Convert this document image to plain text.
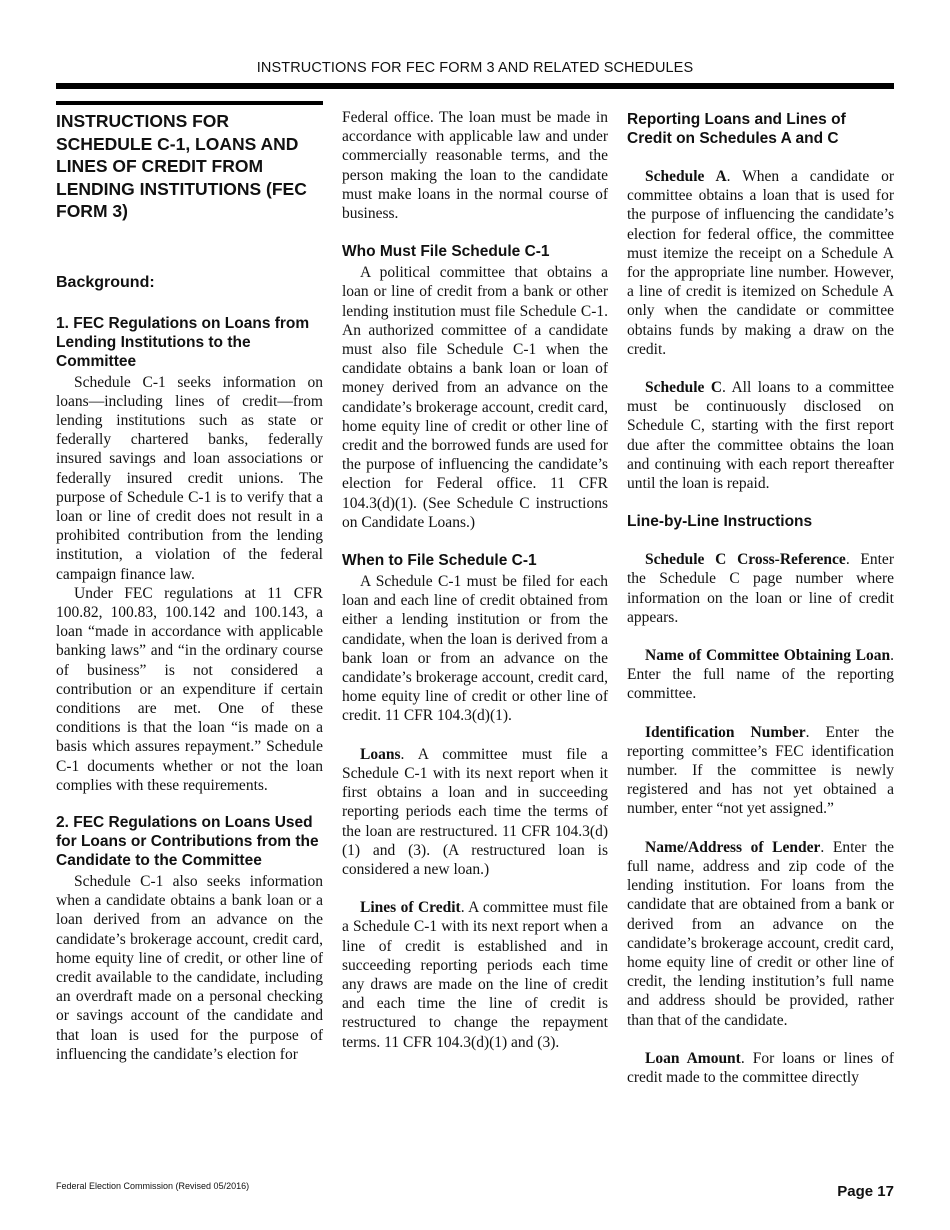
INSTRUCTIONS FOR FEC FORM 3 AND RELATED SCHEDULES
INSTRUCTIONS FOR SCHEDULE C-1, LOANS AND LINES OF CREDIT FROM LENDING INSTITUTIONS (FEC FORM 3)
Background:
1. FEC Regulations on Loans from Lending Institutions to the Committee

Schedule C-1 seeks information on loans—including lines of credit—from lending institutions such as state or federally chartered banks, federally insured savings and loan associations or federally insured credit unions. The purpose of Schedule C-1 is to verify that a loan or line of credit does not result in a prohibited contribution from the lending institution, a violation of the federal campaign finance law.

Under FEC regulations at 11 CFR 100.82, 100.83, 100.142 and 100.143, a loan “made in accordance with applicable banking laws” and “in the ordinary course of business” is not considered a contribution or an expenditure if certain conditions are met. One of these conditions is that the loan “is made on a basis which assures repayment.” Schedule C-1 documents whether or not the loan complies with these requirements.

2. FEC Regulations on Loans Used for Loans or Contributions from the Candidate to the Committee

Schedule C-1 also seeks information when a candidate obtains a bank loan or a loan derived from an advance on the candidate’s brokerage account, credit card, home equity line of credit, or other line of credit available to the candidate, including an overdraft made on a personal checking or savings account of the candidate and that loan is used for the purpose of influencing the candidate’s election for

Federal office. The loan must be made in accordance with applicable law and under commercially reasonable terms, and the person making the loan to the candidate must make loans in the normal course of business.

Who Must File Schedule C-1

A political committee that obtains a loan or line of credit from a bank or other lending institution must file Schedule C-1. An authorized committee of a candidate must also file Schedule C-1 when the candidate obtains a bank loan or loan of money derived from an advance on the candidate’s brokerage account, credit card, home equity line of credit or other line of credit and the borrowed funds are used for the purpose of influencing the candidate’s election for Federal office. 11 CFR 104.3(d)(1). (See Schedule C instructions on Candidate Loans.)

When to File Schedule C-1

A Schedule C-1 must be filed for each loan and each line of credit obtained from either a lending institution or from the candidate, when the loan is derived from a bank loan or from an advance on the candidate’s brokerage account, credit card, home equity line of credit or other line of credit. 11 CFR 104.3(d)(1).

Loans. A committee must file a Schedule C-1 with its next report when it first obtains a loan and in succeeding reporting periods each time the terms of the loan are restructured. 11 CFR 104.3(d)(1) and (3). (A restructured loan is considered a new loan.)

Lines of Credit. A committee must file a Schedule C-1 with its next report when a line of credit is established and in succeeding reporting periods each time any draws are made on the line of credit and each time the line of credit is restructured to change the repayment terms. 11 CFR 104.3(d)(1) and (3).

Reporting Loans and Lines of Credit on Schedules A and C

Schedule A. When a candidate or committee obtains a loan that is used for the purpose of influencing the candidate’s election for federal office, the committee must itemize the receipt on a Schedule A for the appropriate line number. However, a line of credit is itemized on Schedule A only when the candidate or committee obtains funds by making a draw on the credit.

Schedule C. All loans to a committee must be continuously disclosed on Schedule C, starting with the first report due after the committee obtains the loan and continuing with each report thereafter until the loan is repaid.

Line-by-Line Instructions

Schedule C Cross-Reference. Enter the Schedule C page number where information on the loan or line of credit appears.

Name of Committee Obtaining Loan. Enter the full name of the reporting committee.

Identification Number. Enter the reporting committee’s FEC identification number. If the committee is newly registered and has not yet obtained a number, enter “not yet assigned.”

Name/Address of Lender. Enter the full name, address and zip code of the lending institution. For loans from the candidate that are obtained from a bank or derived from an advance on the candidate’s brokerage account, credit card, home equity line of credit or other line of credit, the lending institution’s full name and address should be provided, rather than that of the candidate.

Loan Amount. For loans or lines of credit made to the committee directly

Federal Election Commission (Revised 05/2016)	Page 17
